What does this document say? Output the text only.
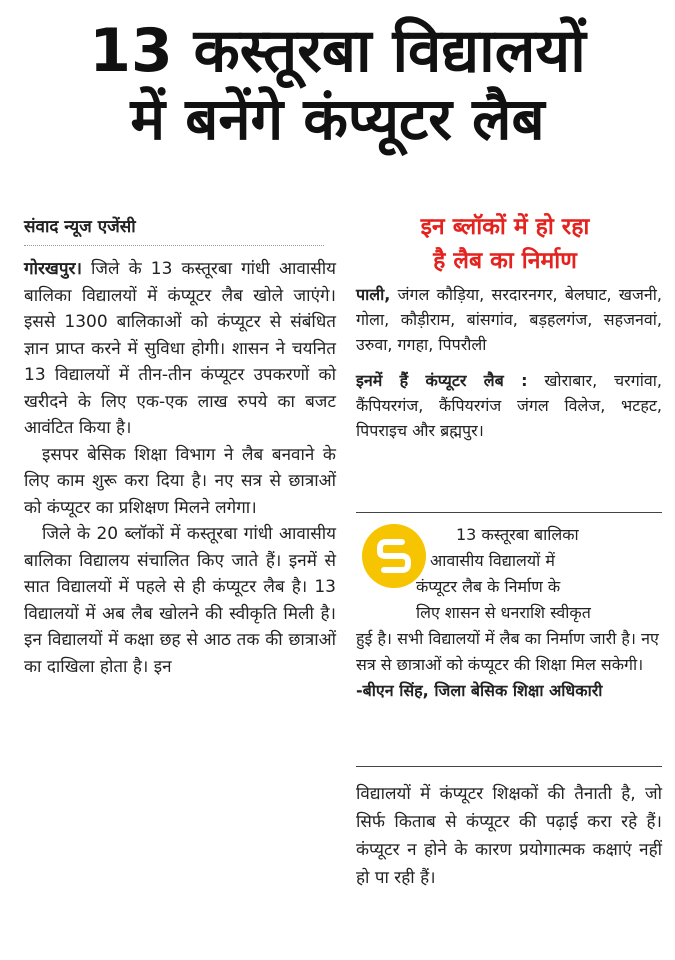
13 कस्तूरबा विद्यालयों
में बनेंगे कंप्यूटर लैब
संवाद न्यूज एजेंसी

गोरखपुर। जिले के 13 कस्तूरबा गांधी आवासीय बालिका विद्यालयों में कंप्यूटर लैब खोले जाएंगे। इससे 1300 बालिकाओं को कंप्यूटर से संबंधित ज्ञान प्राप्त करने में सुविधा होगी। शासन ने चयनित 13 विद्यालयों में तीन-तीन कंप्यूटर उपकरणों को खरीदने के लिए एक-एक लाख रुपये का बजट आवंटित किया है।

इसपर बेसिक शिक्षा विभाग ने लैब बनवाने के लिए काम शुरू करा दिया है। नए सत्र से छात्राओं को कंप्यूटर का प्रशिक्षण मिलने लगेगा।

जिले के 20 ब्लॉकों में कस्तूरबा गांधी आवासीय बालिका विद्यालय संचालित किए जाते हैं। इनमें से सात विद्यालयों में पहले से ही कंप्यूटर लैब है। 13 विद्यालयों में अब लैब खोलने की स्वीकृति मिली है। इन विद्यालयों में कक्षा छह से आठ तक की छात्राओं का दाखिला होता है। इन

इन ब्लॉकों में हो रहा
है लैब का निर्माण

पाली, जंगल कौड़िया, सरदारनगर, बेलघाट, खजनी, गोला, कौड़ीराम, बांसगांव, बड़हलगंज, सहजनवां, उरुवा, गगहा, पिपरौली

इनमें हैं कंप्यूटर लैब : खोराबार, चरगांवा, कैंपियरगंज, कैंपियरगंज जंगल विलेज, भटहट, पिपराइच और ब्रह्मपुर।

13 कस्तूरबा बालिका
आवासीय विद्यालयों में
कंप्यूटर लैब के निर्माण के
लिए शासन से धनराशि स्वीकृत
हुई है। सभी विद्यालयों में लैब का निर्माण जारी है। नए सत्र से छात्राओं को कंप्यूटर की शिक्षा मिल सकेगी। -बीएन सिंह, जिला बेसिक शिक्षा अधिकारी
विद्यालयों में कंप्यूटर शिक्षकों की तैनाती है, जो सिर्फ किताब से कंप्यूटर की पढ़ाई करा रहे हैं। कंप्यूटर न होने के कारण प्रयोगात्मक कक्षाएं नहीं हो पा रही हैं।
